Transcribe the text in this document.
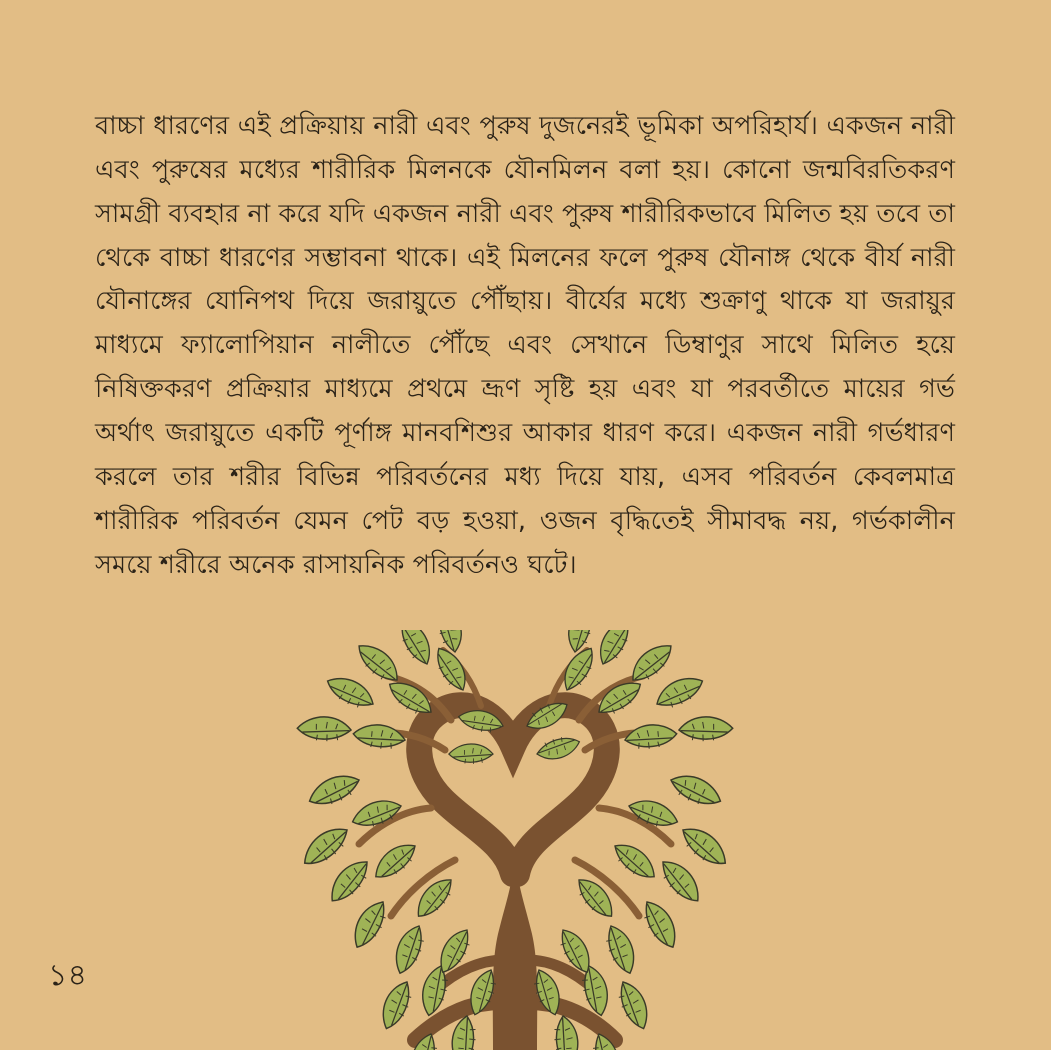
বাচ্চা ধারণের এই প্রক্রিয়ায় নারী এবং পুরুষ দুজনেরই ভূমিকা অপরিহার্য। একজন নারী এবং পুরুষের মধ্যের শারীরিক মিলনকে যৌনমিলন বলা হয়। কোনো জন্মবিরতিকরণ সামগ্রী ব্যবহার না করে যদি একজন নারী এবং পুরুষ শারীরিকভাবে মিলিত হয় তবে তা থেকে বাচ্চা ধারণের সম্ভাবনা থাকে। এই মিলনের ফলে পুরুষ যৌনাঙ্গ থেকে বীর্য নারী যৌনাঙ্গের যোনিপথ দিয়ে জরায়ুতে পৌঁছায়। বীর্যের মধ্যে শুক্রাণু থাকে যা জরায়ুর মাধ্যমে ফ্যালোপিয়ান নালীতে পৌঁছে এবং সেখানে ডিম্বাণুর সাথে মিলিত হয়ে নিষিক্তকরণ প্রক্রিয়ার মাধ্যমে প্রথমে ভ্রূণ সৃষ্টি হয় এবং যা পরবর্তীতে মায়ের গর্ভ অর্থাৎ জরায়ুতে একটি পূর্ণাঙ্গ মানবশিশুর আকার ধারণ করে। একজন নারী গর্ভধারণ করলে তার শরীর বিভিন্ন পরিবর্তনের মধ্য দিয়ে যায়, এসব পরিবর্তন কেবলমাত্র শারীরিক পরিবর্তন যেমন পেট বড় হওয়া, ওজন বৃদ্ধিতেই সীমাবদ্ধ নয়, গর্ভকালীন সময়ে শরীরে অনেক রাসায়নিক পরিবর্তনও ঘটে।
১৪
